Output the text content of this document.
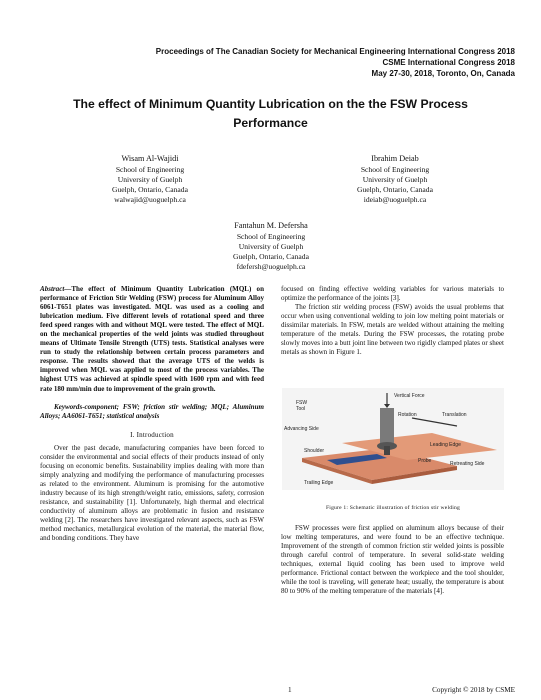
Proceedings of The Canadian Society for Mechanical Engineering International Congress 2018
CSME International Congress 2018
May 27-30, 2018, Toronto, On, Canada
The effect of Minimum Quantity Lubrication on the the FSW Process
Performance
Wisam Al-Wajidi
School of Engineering
University of Guelph
Guelph, Ontario, Canada
walwajid@uoguelph.ca
Ibrahim Deiab
School of Engineering
University of Guelph
Guelph, Ontario, Canada
ideiab@uoguelph.ca
Fantahun M. Defersha
School of Engineering
University of Guelph
Guelph, Ontario, Canada
fdefersh@uoguelph.ca

Abstract—The effect of Minimum Quantity Lubrication (MQL) on performance of Friction Stir Welding (FSW) process for Aluminum Alloy 6061-T651 plates was investigated. MQL was used as a cooling and lubrication medium. Five different levels of rotational speed and three feed speed ranges with and without MQL were tested. The effect of MQL on the mechanical properties of the weld joints was studied throughout means of Ultimate Tensile Strength (UTS) tests. Statistical analyses were run to study the relationship between certain process parameters and response. The results showed that the average UTS of the welds is improved when MQL was applied to most of the process variables. The highest UTS was achieved at spindle speed with 1600 rpm and with feed rate 180 mm/min due to improvement of the grain growth.

Keywords-component; FSW; friction stir welding; MQL; Aluminum Alloys; AA6061-T651; statistical analysis

I. Introduction

Over the past decade, manufacturing companies have been forced to consider the environmental and social effects of their products instead of only focusing on economic benefits. Sustainability implies dealing with more than simply analyzing and modifying the performance of manufacturing processes as related to the environment. Aluminum is promising for the automotive industry because of its high strength/weight ratio, emissions, safety, corrosion resistance, and sustainability [1]. Unfortunately, high thermal and electrical conductivity of aluminum alloys are problematic in fusion and resistance welding [2]. The researchers have investigated relevant aspects, such as FSW method mechanics, metallurgical evolution of the material, the material flow, and bonding conditions. They have

focused on finding effective welding variables for various materials to optimize the performance of the joints [3].

The friction stir welding process (FSW) avoids the usual problems that occur when using conventional welding to join low melting point materials or dissimilar materials. In FSW, metals are welded without attaining the melting temperature of the metals. During the FSW processes, the rotating probe slowly moves into a butt joint line between two rigidly clamped plates or sheet metals as shown in Figure 1.

Vertical Force
FSW
Tool
Rotation	Translation
Advancing Side
Leading Edge
Shoulder
Probe	Retreating Side
Trailing Edge
Figure 1: Schematic illustration of friction stir welding

FSW processes were first applied on aluminum alloys because of their low melting temperatures, and were found to be an effective technique. Improvement of the strength of common friction stir welded joints is possible through careful control of temperature. In several solid-state welding techniques, external liquid cooling has been used to improve weld performance. Frictional contact between the workpiece and the tool shoulder, while the tool is traveling, will generate heat; usually, the temperature is about 80 to 90% of the melting temperature of the materials [4].

1	Copyright © 2018 by CSME
